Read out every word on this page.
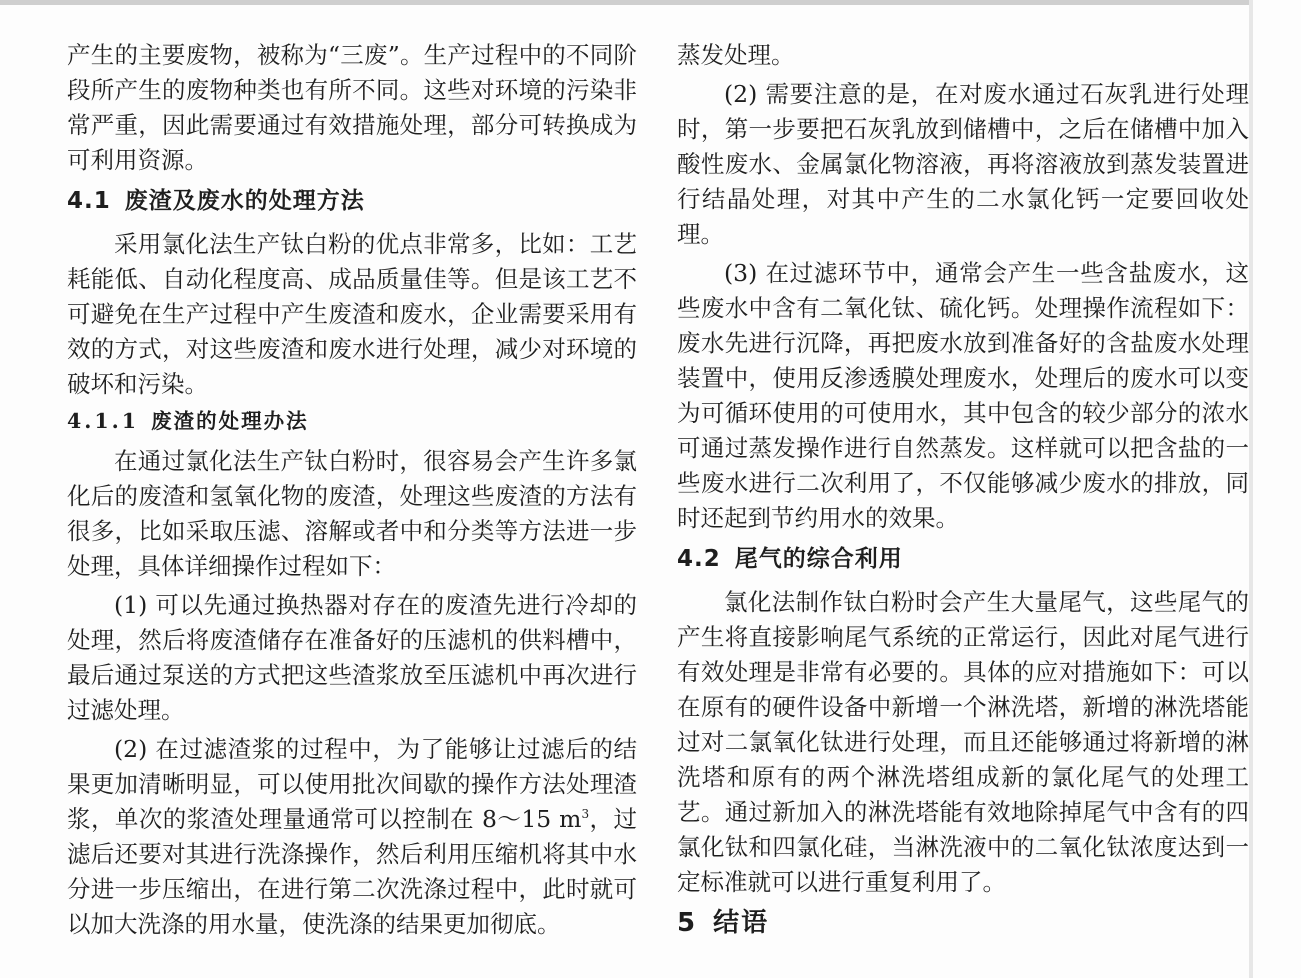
产生的主要废物，被称为“三废”。生产过程中的不同阶段所产生的废物种类也有所不同。这些对环境的污染非常严重，因此需要通过有效措施处理，部分可转换成为可利用资源。

4.1 废渣及废水的处理方法

采用氯化法生产钛白粉的优点非常多，比如：工艺耗能低、自动化程度高、成品质量佳等。但是该工艺不可避免在生产过程中产生废渣和废水，企业需要采用有效的方式，对这些废渣和废水进行处理，减少对环境的破坏和污染。

4.1.1 废渣的处理办法

在通过氯化法生产钛白粉时，很容易会产生许多氯化后的废渣和氢氧化物的废渣，处理这些废渣的方法有很多，比如采取压滤、溶解或者中和分类等方法进一步处理，具体详细操作过程如下：

(1) 可以先通过换热器对存在的废渣先进行冷却的处理，然后将废渣储存在准备好的压滤机的供料槽中，最后通过泵送的方式把这些渣浆放至压滤机中再次进行过滤处理。

(2) 在过滤渣浆的过程中，为了能够让过滤后的结果更加清晰明显，可以使用批次间歇的操作方法处理渣浆，单次的浆渣处理量通常可以控制在 8～15 $m^3$，过滤后还要对其进行洗涤操作，然后利用压缩机将其中水分进一步压缩出，在进行第二次洗涤过程中，此时就可以加大洗涤的用水量，使洗涤的结果更加彻底。

蒸发处理。

(2) 需要注意的是，在对废水通过石灰乳进行处理时，第一步要把石灰乳放到储槽中，之后在储槽中加入酸性废水、金属氯化物溶液，再将溶液放到蒸发装置进行结晶处理，对其中产生的二水氯化钙一定要回收处理。

(3) 在过滤环节中，通常会产生一些含盐废水，这些废水中含有二氧化钛、硫化钙。处理操作流程如下：废水先进行沉降，再把废水放到准备好的含盐废水处理装置中，使用反渗透膜处理废水，处理后的废水可以变为可循环使用的可使用水，其中包含的较少部分的浓水可通过蒸发操作进行自然蒸发。这样就可以把含盐的一些废水进行二次利用了，不仅能够减少废水的排放，同时还起到节约用水的效果。

4.2 尾气的综合利用

氯化法制作钛白粉时会产生大量尾气，这些尾气的产生将直接影响尾气系统的正常运行，因此对尾气进行有效处理是非常有必要的。具体的应对措施如下：可以在原有的硬件设备中新增一个淋洗塔，新增的淋洗塔能过对二氯氧化钛进行处理，而且还能够通过将新增的淋洗塔和原有的两个淋洗塔组成新的氯化尾气的处理工艺。通过新加入的淋洗塔能有效地除掉尾气中含有的四氯化钛和四氯化硅，当淋洗液中的二氧化钛浓度达到一定标准就可以进行重复利用了。

5 结语
